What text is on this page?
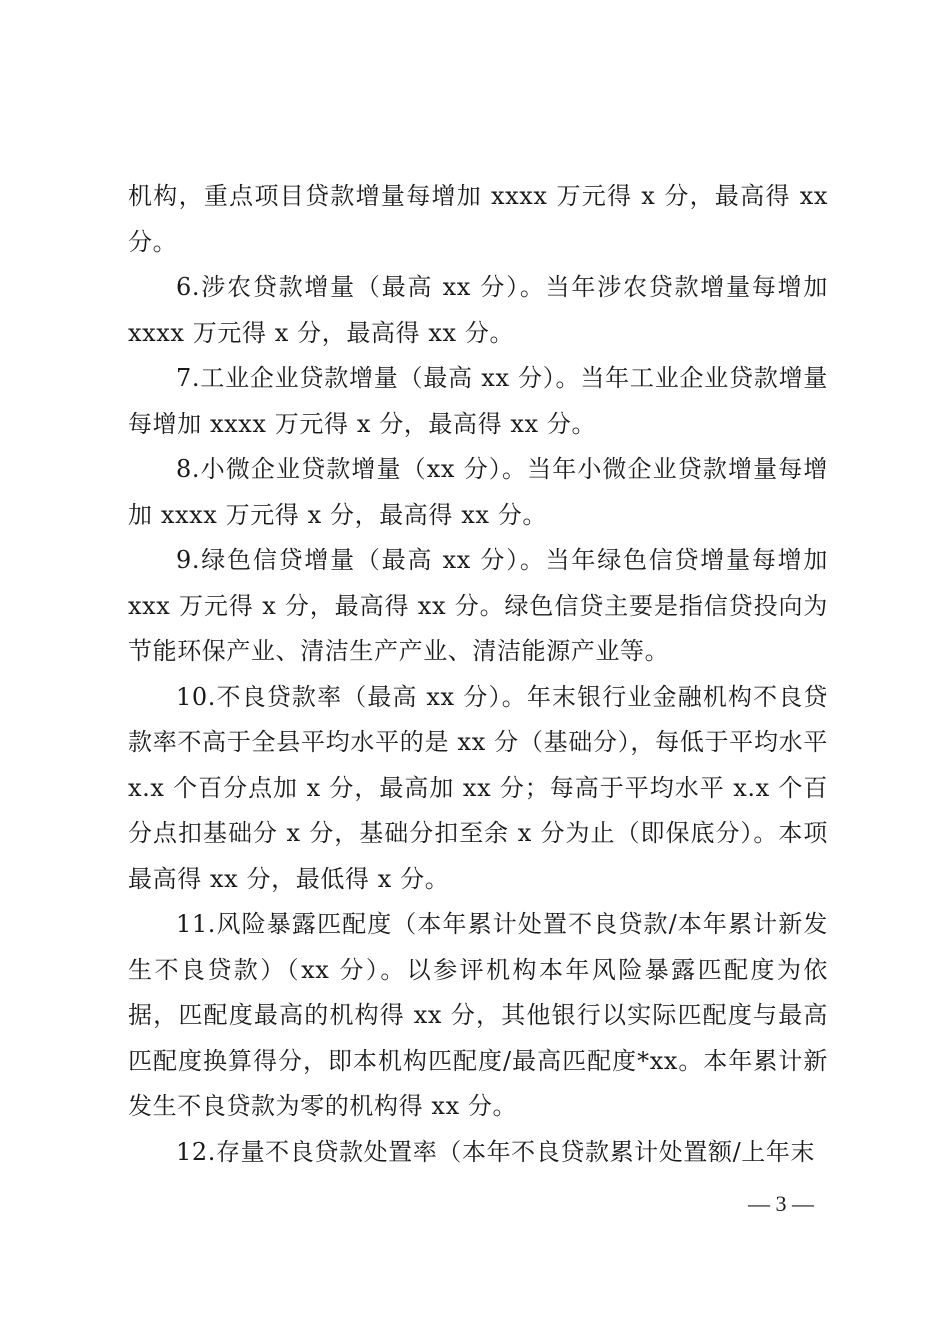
机构，重点项目贷款增量每增加 xxxx 万元得 x 分，最高得 xx 分。

6.涉农贷款增量（最高 xx 分）。当年涉农贷款增量每增加 xxxx 万元得 x 分，最高得 xx 分。

7.工业企业贷款增量（最高 xx 分）。当年工业企业贷款增量每增加 xxxx 万元得 x 分，最高得 xx 分。

8.小微企业贷款增量（xx 分）。当年小微企业贷款增量每增加 xxxx 万元得 x 分，最高得 xx 分。

9.绿色信贷增量（最高 xx 分）。当年绿色信贷增量每增加 xxx 万元得 x 分，最高得 xx 分。绿色信贷主要是指信贷投向为节能环保产业、清洁生产产业、清洁能源产业等。

10.不良贷款率（最高 xx 分）。年末银行业金融机构不良贷款率不高于全县平均水平的是 xx 分（基础分），每低于平均水平 x.x 个百分点加 x 分，最高加 xx 分；每高于平均水平 x.x 个百分点扣基础分 x 分，基础分扣至余 x 分为止（即保底分）。本项最高得 xx 分，最低得 x 分。

11.风险暴露匹配度（本年累计处置不良贷款/本年累计新发生不良贷款）（xx 分）。以参评机构本年风险暴露匹配度为依据，匹配度最高的机构得 xx 分，其他银行以实际匹配度与最高匹配度换算得分，即本机构匹配度/最高匹配度*xx。本年累计新发生不良贷款为零的机构得 xx 分。

12.存量不良贷款处置率（本年不良贷款累计处置额/上年末

— 3 —
